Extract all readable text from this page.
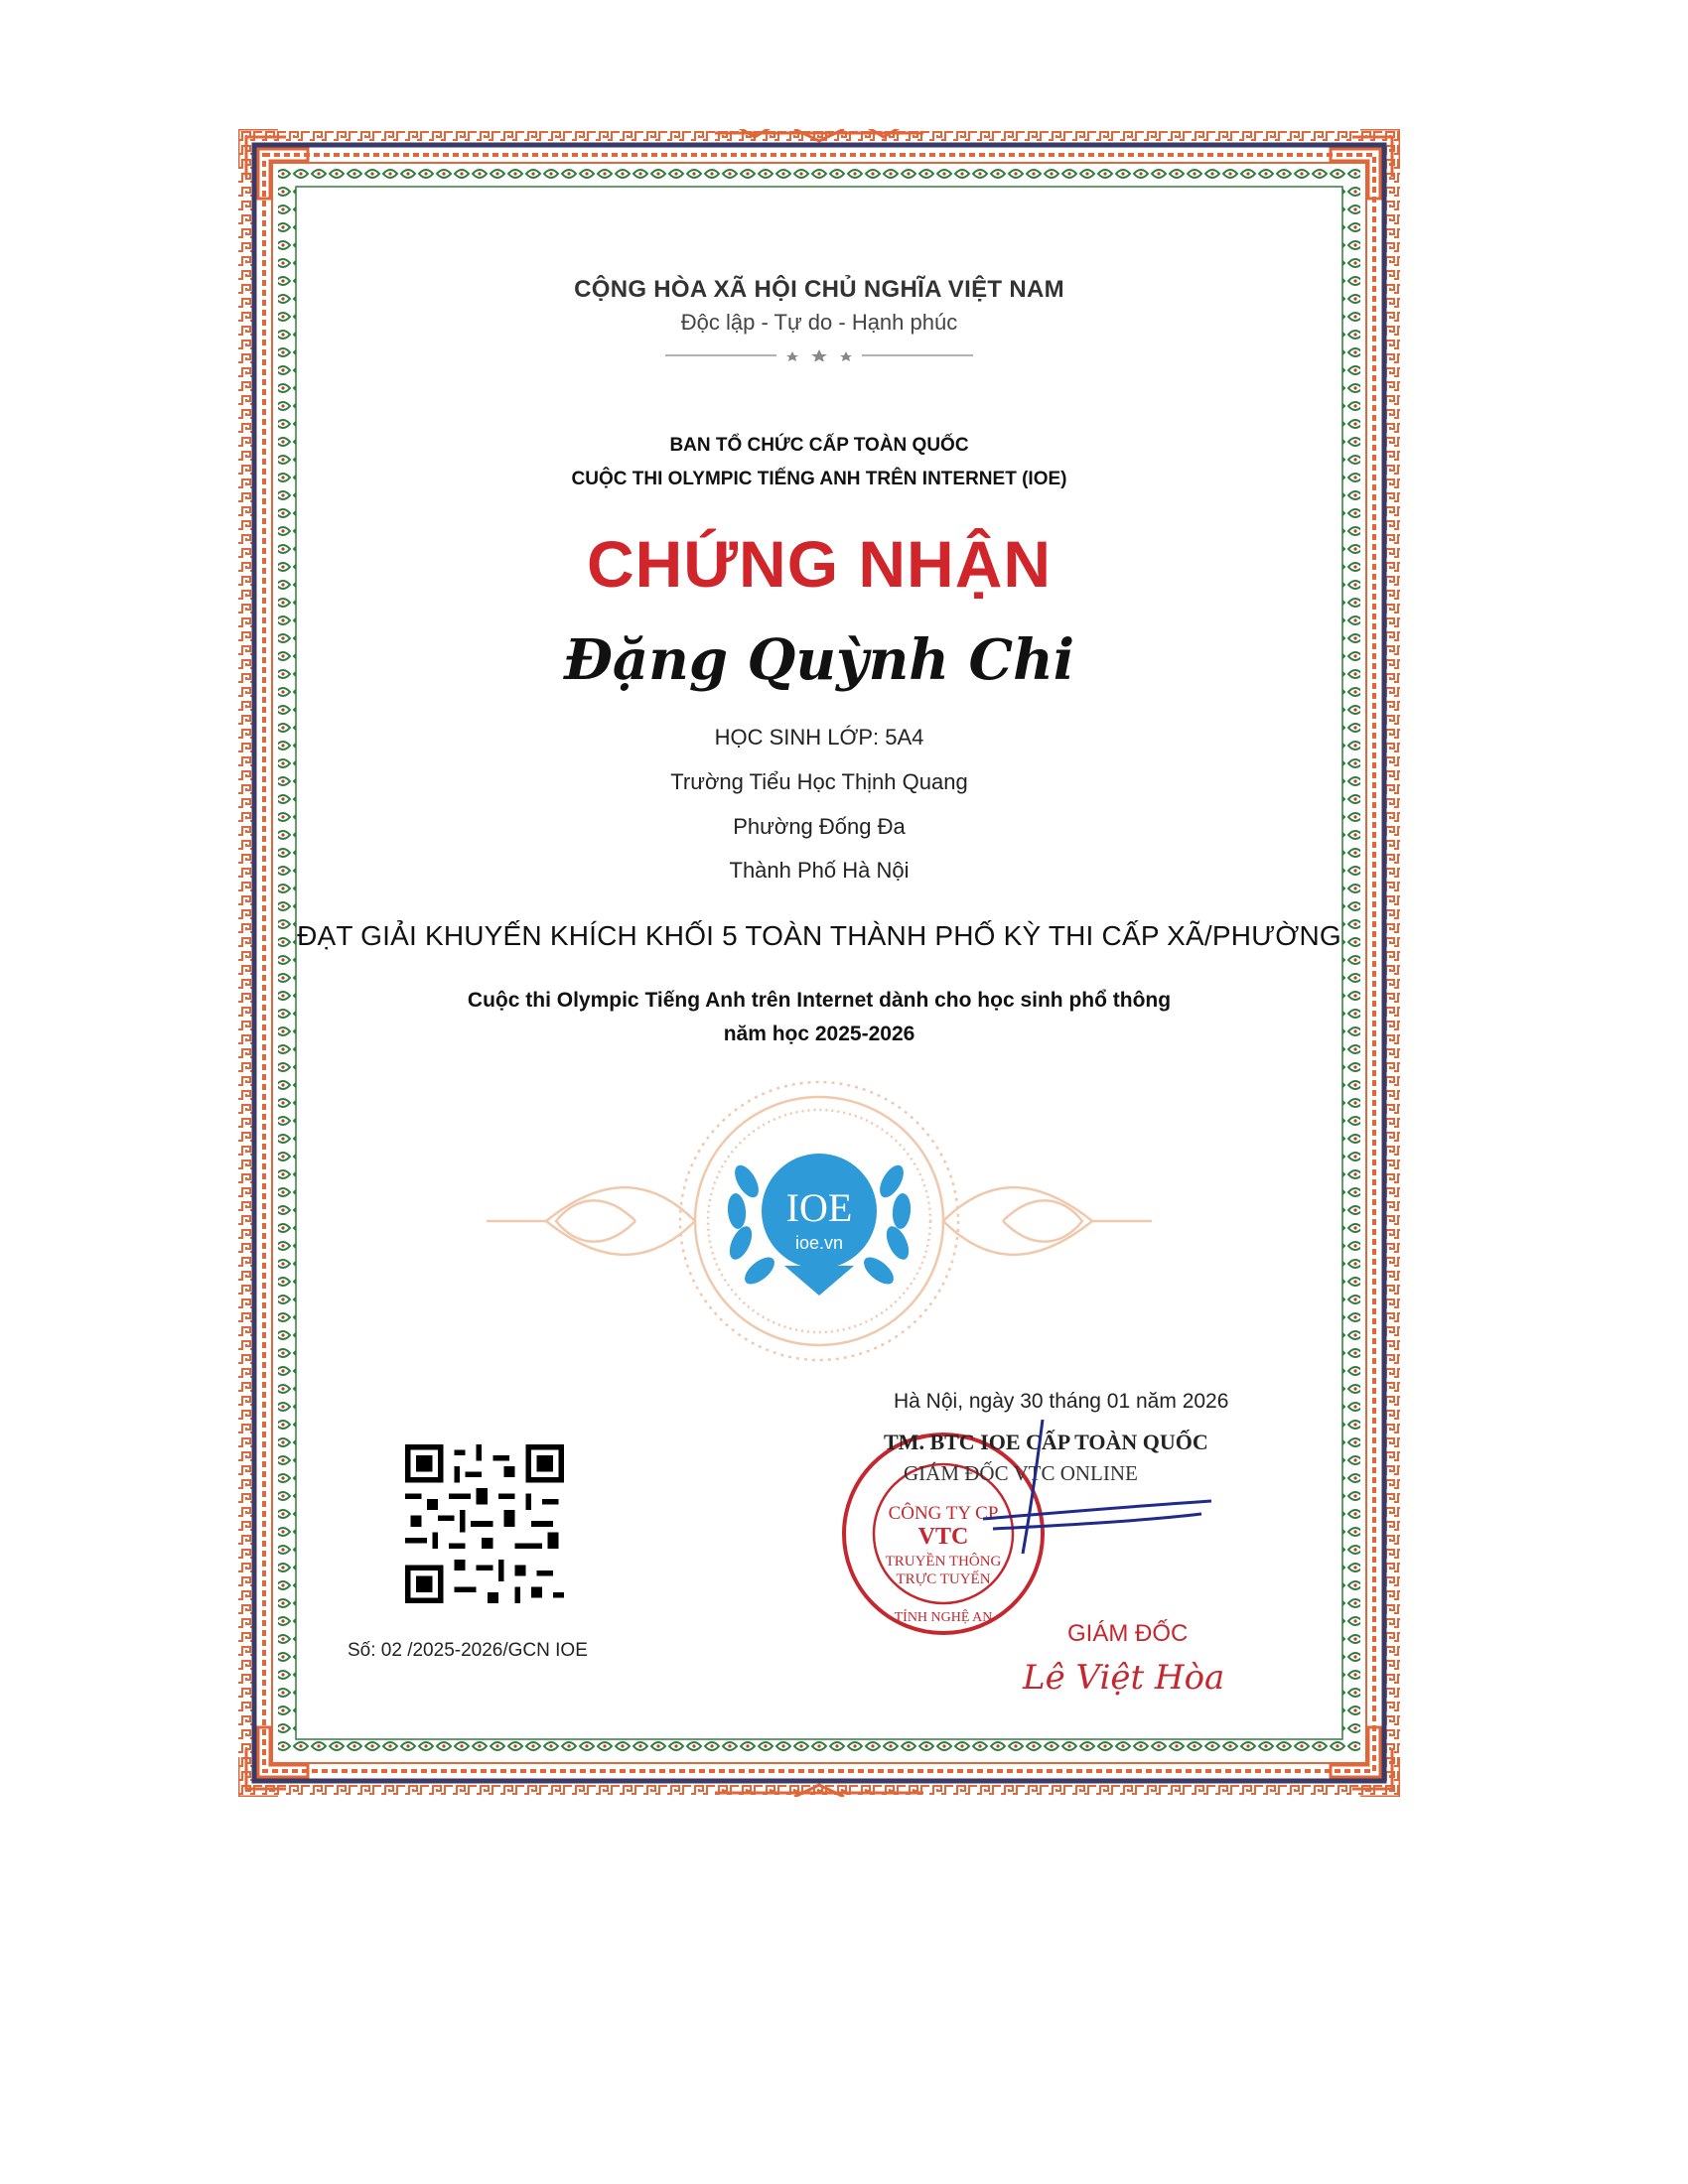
CỘNG HÒA XÃ HỘI CHỦ NGHĨA VIỆT NAM
Độc lập - Tự do - Hạnh phúc
BAN TỔ CHỨC CẤP TOÀN QUỐC
CUỘC THI OLYMPIC TIẾNG ANH TRÊN INTERNET (IOE)
CHỨNG NHẬN
Đặng Quỳnh Chi
HỌC SINH LỚP: 5A4
Trường Tiểu Học Thịnh Quang
Phường Đống Đa
Thành Phố Hà Nội
ĐẠT GIẢI KHUYẾN KHÍCH KHỐI 5 TOÀN THÀNH PHỐ KỲ THI CẤP XÃ/PHƯỜNG
Cuộc thi Olympic Tiếng Anh trên Internet dành cho học sinh phổ thông
năm học 2025-2026
IOE
ioe.vn
Hà Nội, ngày 30 tháng 01 năm 2026
CÔNG TY CP
VTC
TRUYỀN THÔNG
TRỰC TUYẾN
TỈNH NGHỆ AN
TM. BTC IOE CẤP TOÀN QUỐC
GIÁM ĐỐC VTC ONLINE
GIÁM ĐỐC
Lê Việt Hòa
Số: 02 /2025-2026/GCN IOE
